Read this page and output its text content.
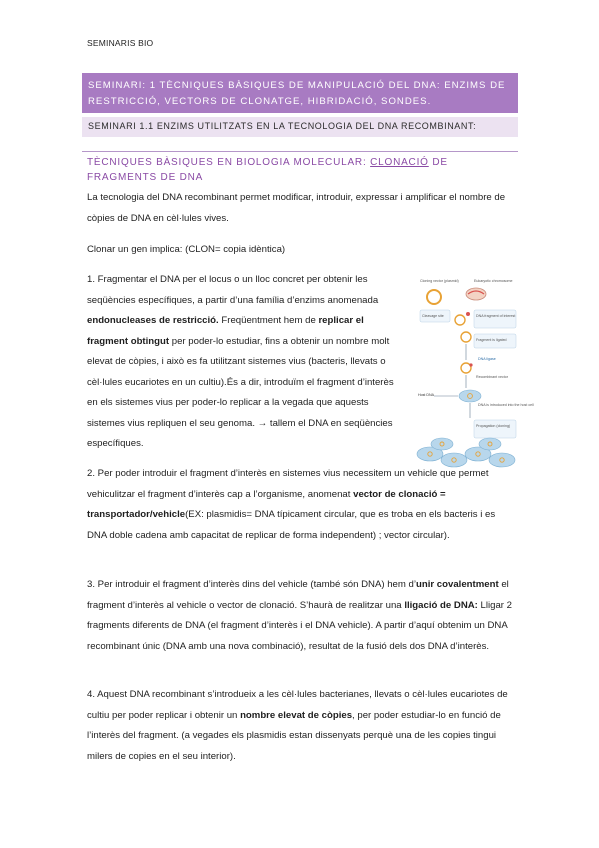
SEMINARIS BIO
SEMINARI: 1 TÈCNIQUES BÀSIQUES DE MANIPULACIÓ DEL DNA: ENZIMS DE RESTRICCIÓ, VECTORS DE CLONATGE, HIBRIDACIÓ, SONDES.
SEMINARI 1.1 ENZIMS UTILITZATS EN LA TECNOLOGIA DEL DNA RECOMBINANT:
TÈCNIQUES BÀSIQUES EN BIOLOGIA MOLECULAR: CLONACIÓ DE FRAGMENTS DE DNA

La tecnologia del DNA recombinant permet modificar, introduir, expressar i amplificar el nombre de còpies de DNA en cèl·lules vives.

Clonar un gen implica: (CLON= copia idèntica)

1. Fragmentar el DNA per el locus o un lloc concret per obtenir les seqüències específiques, a partir d’una família d’enzims anomenada endonucleases de restricció. Freqüentment hem de replicar el fragment obtingut per poder-lo estudiar, fins a obtenir un nombre molt elevat de còpies, i això es fa utilitzant sistemes vius (bacteris, llevats o cèl·lules eucariotes en un cultiu).És a dir, introduïm el fragment d’interès en els sistemes vius per poder-lo replicar a la vegada que aquests sistemes vius repliquen el seu genoma. → tallem el DNA en seqüències específiques.

Cloning vector (plasmid)	Eukaryotic chromosome
Cleavage site	DNA fragment of interest
Fragment is ligated
DNA ligase
Recombinant vector
Host DNA
DNA is introduced into the host cell
Propagation (cloning)

2. Per poder introduir el fragment d’interès en sistemes vius necessitem un vehicle que permet vehiculitzar el fragment d’interès cap a l’organisme, anomenat vector de clonació = transportador/vehicle(EX: plasmidis= DNA típicament circular, que es troba en els bacteris i es DNA doble cadena amb capacitat de replicar de forma independent) ; vector circular).

3. Per introduir el fragment d’interès dins del vehicle (també són DNA) hem d’unir covalentment el fragment d’interès al vehicle o vector de clonació. S’haurà de realitzar una lligació de DNA: Lligar 2 fragments diferents de DNA (el fragment d’interès i el DNA vehicle). A partir d’aquí obtenim un DNA recombinant únic (DNA amb una nova combinació), resultat de la fusió dels dos DNA d’interès.

4. Aquest DNA recombinant s’introdueix a les cèl·lules bacterianes, llevats o cèl·lules eucariotes de cultiu per poder replicar i obtenir un nombre elevat de còpies, per poder estudiar-lo en funció de l’interès del fragment. (a vegades els plasmidis estan dissenyats perquè una de les copies tingui milers de copies en el seu interior).
